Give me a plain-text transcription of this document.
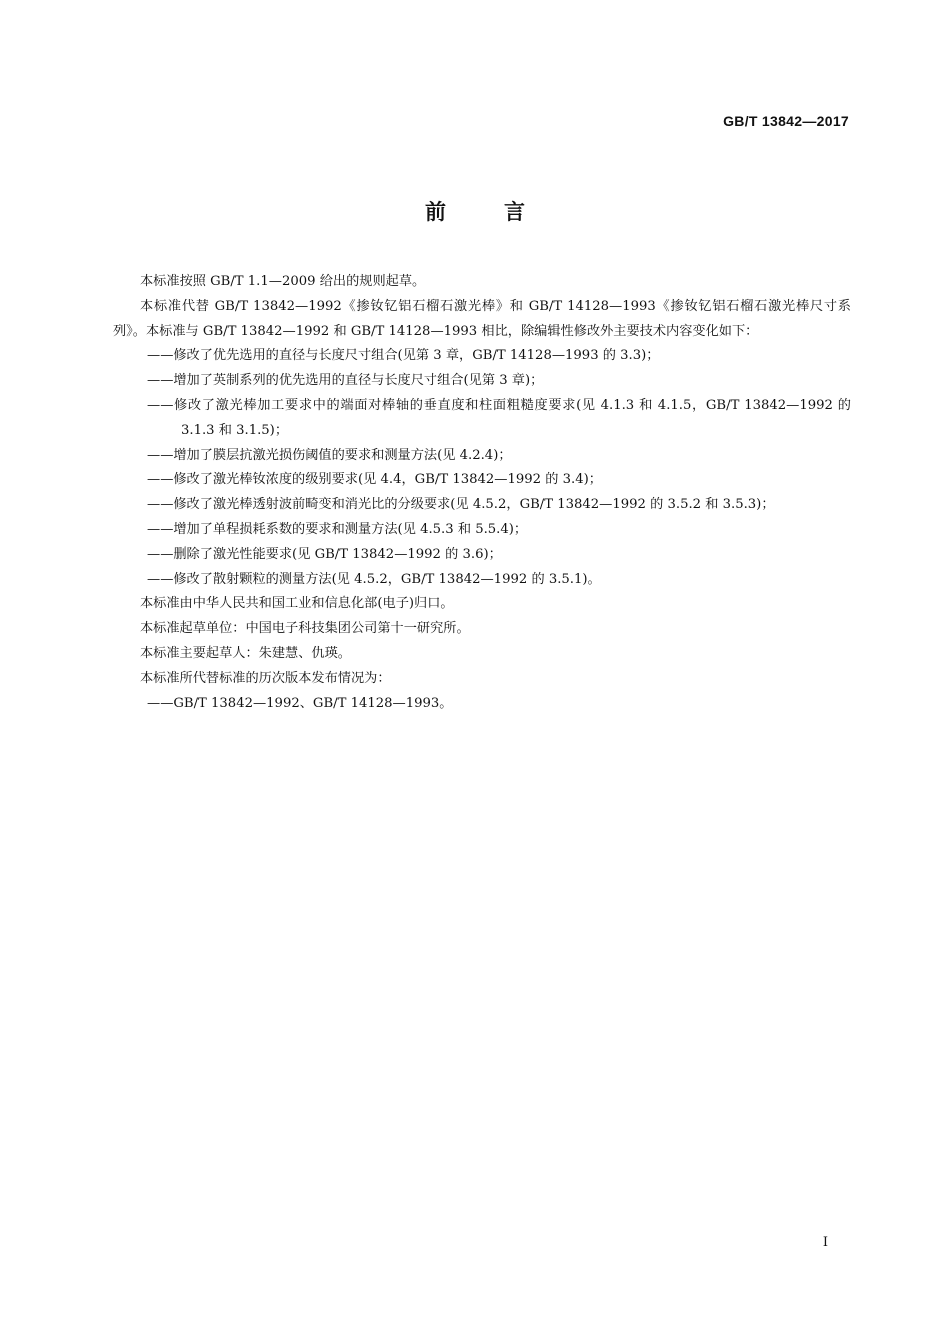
GB/T 13842—2017

前言

本标准按照 GB/T 1.1—2009 给出的规则起草。

本标准代替 GB/T 13842—1992《掺钕钇铝石榴石激光棒》和 GB/T 14128—1993《掺钕钇铝石榴石激光棒尺寸系列》。本标准与 GB/T 13842—1992 和 GB/T 14128—1993 相比，除编辑性修改外主要技术内容变化如下：

——修改了优先选用的直径与长度尺寸组合(见第 3 章，GB/T 14128—1993 的 3.3)；

——增加了英制系列的优先选用的直径与长度尺寸组合(见第 3 章)；

——修改了激光棒加工要求中的端面对棒轴的垂直度和柱面粗糙度要求(见 4.1.3 和 4.1.5，GB/T 13842—1992 的 3.1.3 和 3.1.5)；

——增加了膜层抗激光损伤阈值的要求和测量方法(见 4.2.4)；

——修改了激光棒钕浓度的级别要求(见 4.4，GB/T 13842—1992 的 3.4)；

——修改了激光棒透射波前畸变和消光比的分级要求(见 4.5.2，GB/T 13842—1992 的 3.5.2 和 3.5.3)；

——增加了单程损耗系数的要求和测量方法(见 4.5.3 和 5.5.4)；

——删除了激光性能要求(见 GB/T 13842—1992 的 3.6)；

——修改了散射颗粒的测量方法(见 4.5.2，GB/T 13842—1992 的 3.5.1)。

本标准由中华人民共和国工业和信息化部(电子)归口。

本标准起草单位：中国电子科技集团公司第十一研究所。

本标准主要起草人：朱建慧、仇瑛。

本标准所代替标准的历次版本发布情况为：

——GB/T 13842—1992、GB/T 14128—1993。

I
